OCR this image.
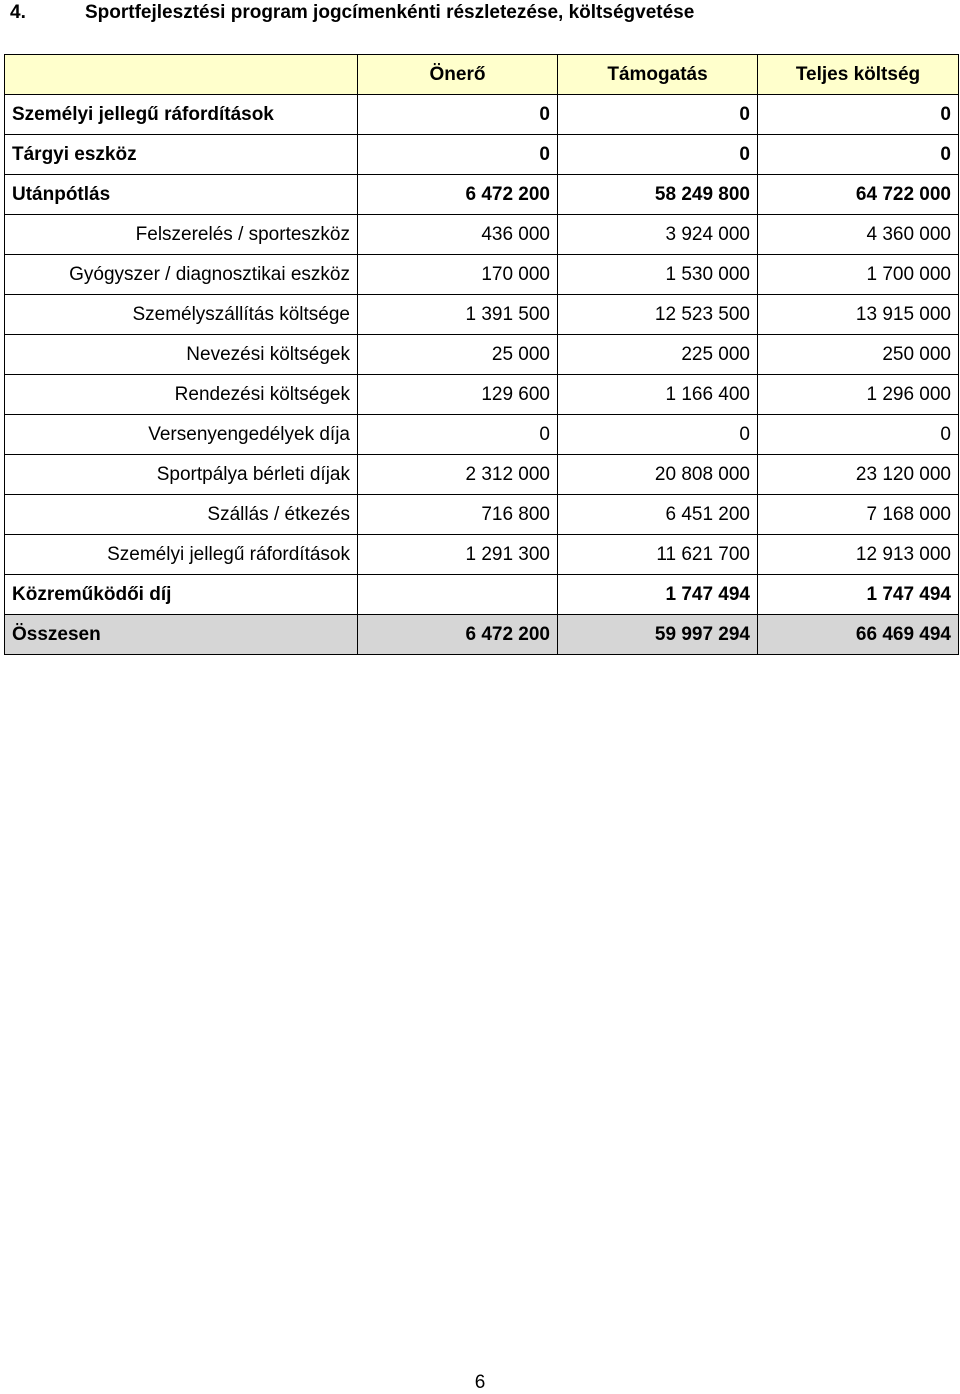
4.	Sportfejlesztési program jogcímenkénti részletezése, költségvetése
	Önerő	Támogatás	Teljes költség
Személyi jellegű ráfordítások	0	0	0
Tárgyi eszköz	0	0	0
Utánpótlás	6 472 200	58 249 800	64 722 000
Felszerelés / sporteszköz	436 000	3 924 000	4 360 000
Gyógyszer / diagnosztikai eszköz	170 000	1 530 000	1 700 000
Személyszállítás költsége	1 391 500	12 523 500	13 915 000
Nevezési költségek	25 000	225 000	250 000
Rendezési költségek	129 600	1 166 400	1 296 000
Versenyengedélyek díja	0	0	0
Sportpálya bérleti díjak	2 312 000	20 808 000	23 120 000
Szállás / étkezés	716 800	6 451 200	7 168 000
Személyi jellegű ráfordítások	1 291 300	11 621 700	12 913 000
Közreműködői díj		1 747 494	1 747 494
Összesen	6 472 200	59 997 294	66 469 494
6
